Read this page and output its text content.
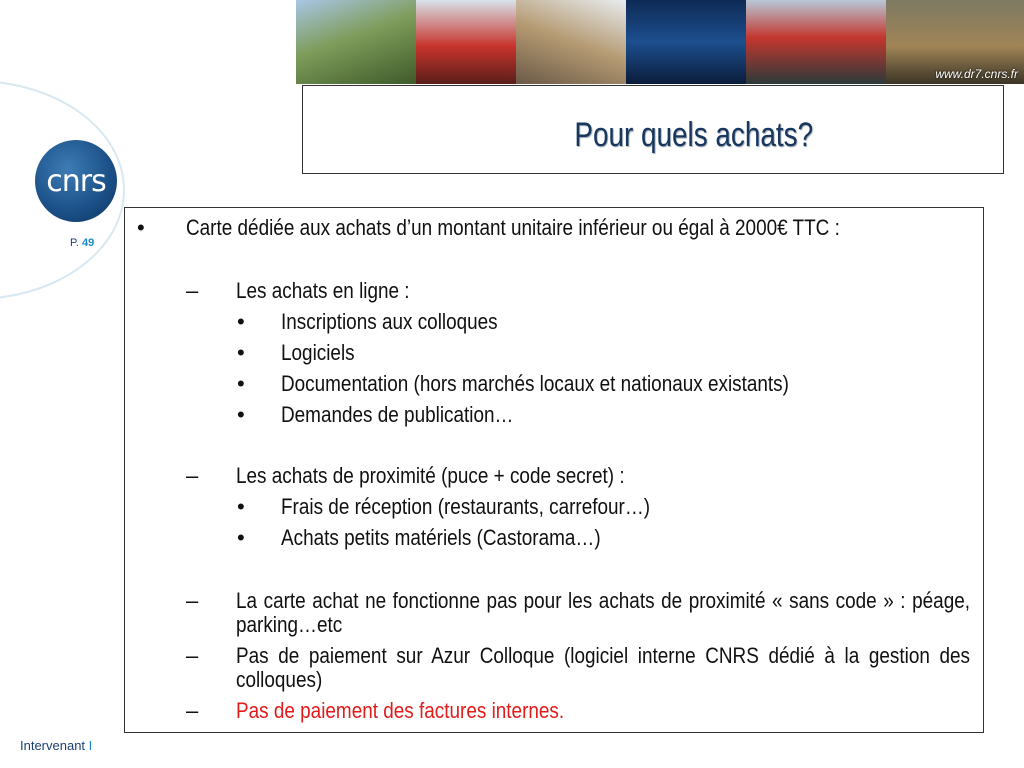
www.dr7.cnrs.fr
cnrs
P. 49
Pour quels achats?
• Carte dédiée aux achats d’un montant unitaire inférieur ou égal à 2000€ TTC :
– Les achats en ligne :
• Inscriptions aux colloques
• Logiciels
• Documentation (hors marchés locaux et nationaux existants)
• Demandes de publication…
– Les achats de proximité (puce + code secret) :
• Frais de réception (restaurants, carrefour…)
• Achats petits matériels (Castorama…)
– La carte achat ne fonctionne pas pour les achats de proximité « sans code » : péage, parking…etc
– Pas de paiement sur Azur Colloque (logiciel interne CNRS dédié à la gestion des colloques)
– Pas de paiement des factures internes.
Intervenant I
